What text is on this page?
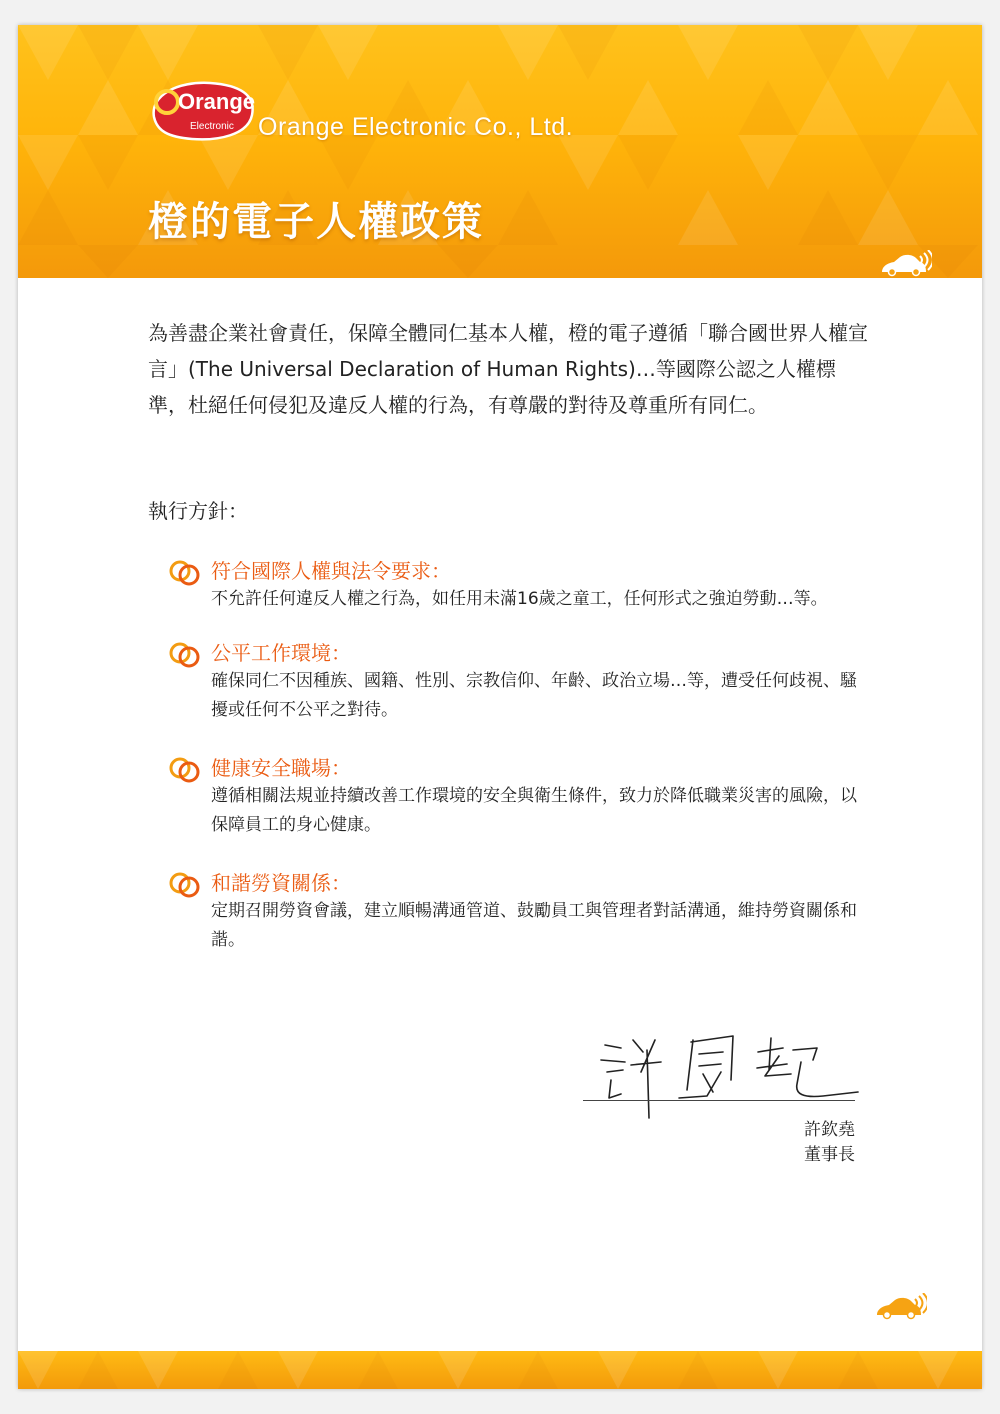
Orange
Electronic Orange Electronic Co., Ltd.
橙的電子人權政策

為善盡企業社會責任，保障全體同仁基本人權，橙的電子遵循「聯合國世界人權宣言」(The Universal Declaration of Human Rights)…等國際公認之人權標準，杜絕任何侵犯及違反人權的行為，有尊嚴的對待及尊重所有同仁。

執行方針：
符合國際人權與法令要求：
不允許任何違反人權之行為，如任用未滿16歲之童工，任何形式之強迫勞動…等。
公平工作環境：
確保同仁不因種族、國籍、性別、宗教信仰、年齡、政治立場…等，遭受任何歧視、騷擾或任何不公平之對待。
健康安全職場：
遵循相關法規並持續改善工作環境的安全與衛生條件，致力於降低職業災害的風險，以保障員工的身心健康。
和諧勞資關係：
定期召開勞資會議，建立順暢溝通管道、鼓勵員工與管理者對話溝通，維持勞資關係和諧。
許欽堯
董事長
